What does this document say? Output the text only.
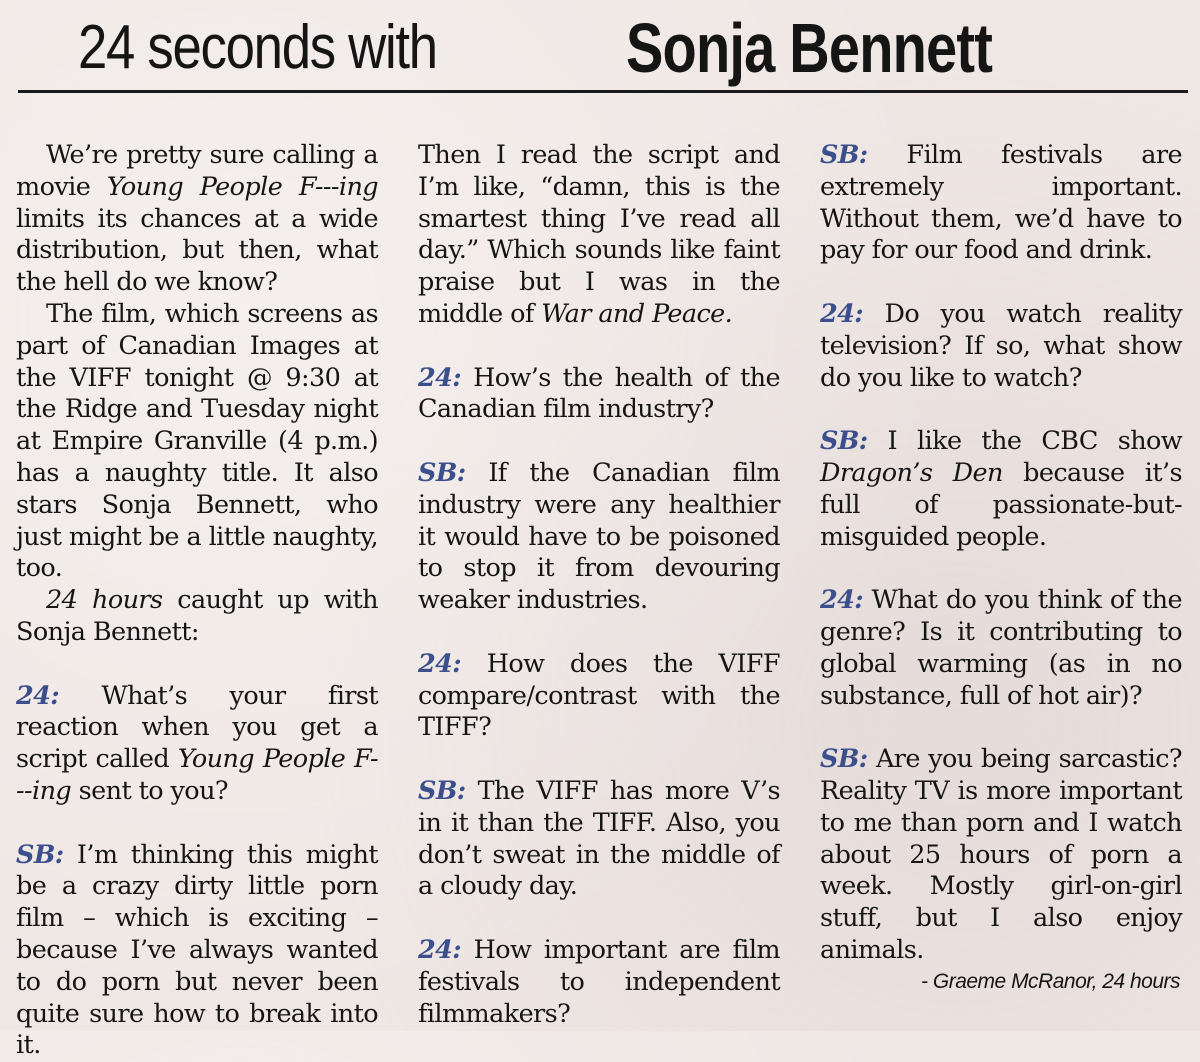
24 seconds with	Sonja Bennett

We’re pretty sure calling a movie Young People F---ing limits its chances at a wide distribution, but then, what the hell do we know?

The film, which screens as part of Canadian Images at the VIFF tonight @ 9:30 at the Ridge and Tuesday night at Empire Granville (4 p.m.) has a naughty title. It also stars Sonja Bennett, who just might be a little naughty, too.

24 hours caught up with Sonja Bennett:

24: What’s your first reaction when you get a script called Young People F---ing sent to you?

SB: I’m thinking this might be a crazy dirty little porn film – which is exciting – because I’ve always wanted to do porn but never been quite sure how to break into it.

Then I read the script and I’m like, “damn, this is the smartest thing I’ve read all day.” Which sounds like faint praise but I was in the middle of War and Peace.

24: How’s the health of the Canadian film industry?

SB: If the Canadian film industry were any healthier it would have to be poisoned to stop it from devouring weaker industries.

24: How does the VIFF compare/contrast with the TIFF?

SB: The VIFF has more V’s in it than the TIFF. Also, you don’t sweat in the middle of a cloudy day.

24: How important are film festivals to independent filmmakers?

SB: Film festivals are extremely important. Without them, we’d have to pay for our food and drink.

24: Do you watch reality television? If so, what show do you like to watch?

SB: I like the CBC show Dragon’s Den because it’s full of passionate-but-misguided people.

24: What do you think of the genre? Is it contributing to global warming (as in no substance, full of hot air)?

SB: Are you being sarcastic? Reality TV is more important to me than porn and I watch about 25 hours of porn a week. Mostly girl-on-girl stuff, but I also enjoy animals.

- Graeme McRanor, 24 hours
